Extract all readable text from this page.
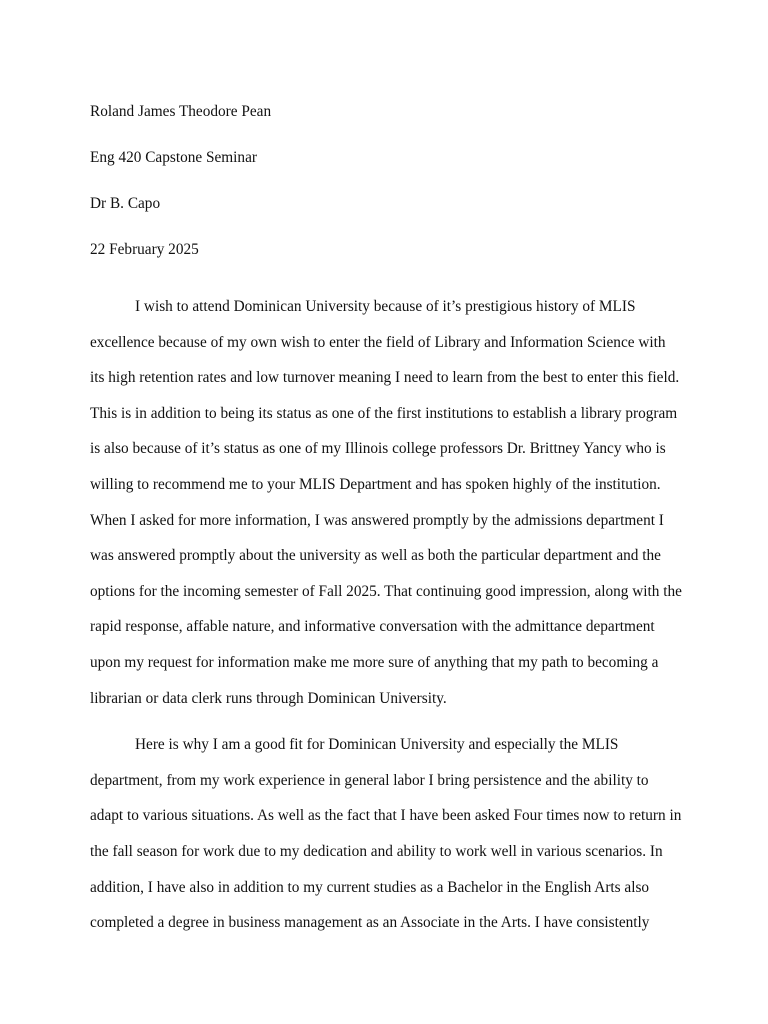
Roland James Theodore Pean
Eng 420 Capstone Seminar
Dr B. Capo
22 February 2025

I wish to attend Dominican University because of it’s prestigious history of MLIS excellence because of my own wish to enter the field of Library and Information Science with its high retention rates and low turnover meaning I need to learn from the best to enter this field. This is in addition to being its status as one of the first institutions to establish a library program is also because of it’s status as one of my Illinois college professors Dr. Brittney Yancy who is willing to recommend me to your MLIS Department and has spoken highly of the institution. When I asked for more information, I was answered promptly by the admissions department I was answered promptly about the university as well as both the particular department and the options for the incoming semester of Fall 2025. That continuing good impression, along with the rapid response, affable nature, and informative conversation with the admittance department upon my request for information make me more sure of anything that my path to becoming a librarian or data clerk runs through Dominican University.

Here is why I am a good fit for Dominican University and especially the MLIS department, from my work experience in general labor I bring persistence and the ability to adapt to various situations. As well as the fact that I have been asked Four times now to return in the fall season for work due to my dedication and ability to work well in various scenarios. In addition, I have also in addition to my current studies as a Bachelor in the English Arts also completed a degree in business management as an Associate in the Arts. I have consistently
